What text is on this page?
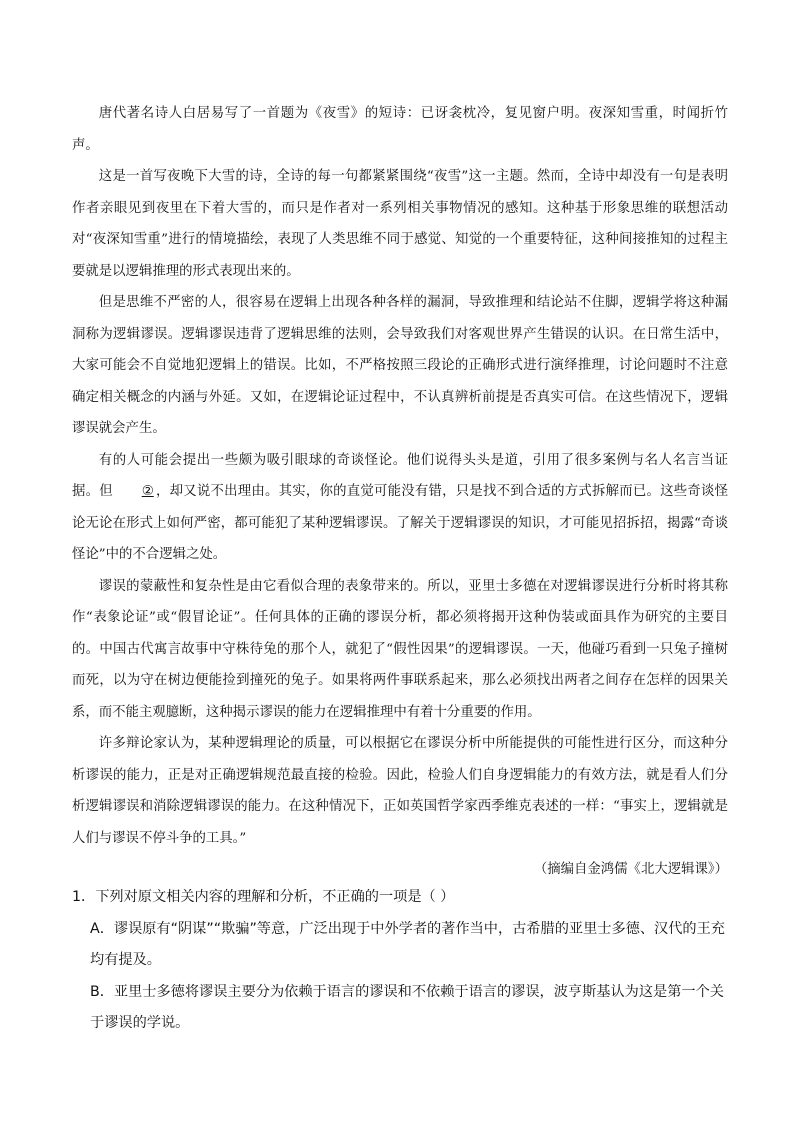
唐代著名诗人白居易写了一首题为《夜雪》的短诗：已讶衾枕冷，复见窗户明。夜深知雪重，时闻折竹声。

这是一首写夜晚下大雪的诗，全诗的每一句都紧紧围绕“夜雪”这一主题。然而，全诗中却没有一句是表明作者亲眼见到夜里在下着大雪的，而只是作者对一系列相关事物情况的感知。这种基于形象思维的联想活动对“夜深知雪重”进行的情境描绘，表现了人类思维不同于感觉、知觉的一个重要特征，这种间接推知的过程主要就是以逻辑推理的形式表现出来的。

但是思维不严密的人，很容易在逻辑上出现各种各样的漏洞，导致推理和结论站不住脚，逻辑学将这种漏洞称为逻辑谬误。逻辑谬误违背了逻辑思维的法则，会导致我们对客观世界产生错误的认识。在日常生活中，大家可能会不自觉地犯逻辑上的错误。比如，不严格按照三段论的正确形式进行演绎推理，讨论问题时不注意确定相关概念的内涵与外延。又如，在逻辑论证过程中，不认真辨析前提是否真实可信。在这些情况下，逻辑谬误就会产生。

有的人可能会提出一些颇为吸引眼球的奇谈怪论。他们说得头头是道，引用了很多案例与名人名言当证据。但 ② ，却又说不出理由。其实，你的直觉可能没有错，只是找不到合适的方式拆解而已。这些奇谈怪论无论在形式上如何严密，都可能犯了某种逻辑谬误。了解关于逻辑谬误的知识，才可能见招拆招，揭露“奇谈怪论”中的不合逻辑之处。

谬误的蒙蔽性和复杂性是由它看似合理的表象带来的。所以，亚里士多德在对逻辑谬误进行分析时将其称作“表象论证”或“假冒论证”。任何具体的正确的谬误分析，都必须将揭开这种伪装或面具作为研究的主要目的。中国古代寓言故事中守株待兔的那个人，就犯了“假性因果”的逻辑谬误。一天，他碰巧看到一只兔子撞树而死，以为守在树边便能捡到撞死的兔子。如果将两件事联系起来，那么必须找出两者之间存在怎样的因果关系，而不能主观臆断，这种揭示谬误的能力在逻辑推理中有着十分重要的作用。

许多辩论家认为，某种逻辑理论的质量，可以根据它在谬误分析中所能提供的可能性进行区分，而这种分析谬误的能力，正是对正确逻辑规范最直接的检验。因此，检验人们自身逻辑能力的有效方法，就是看人们分析逻辑谬误和消除逻辑谬误的能力。在这种情况下，正如英国哲学家西季维克表述的一样：“事实上，逻辑就是人们与谬误不停斗争的工具。”

（摘编自金鸿儒《北大逻辑课》）

1．下列对原文相关内容的理解和分析，不正确的一项是（ ）

A．谬误原有“阴谋”“欺骗”等意，广泛出现于中外学者的著作当中，古希腊的亚里士多德、汉代的王充均有提及。

B．亚里士多德将谬误主要分为依赖于语言的谬误和不依赖于语言的谬误，波亨斯基认为这是第一个关于谬误的学说。
